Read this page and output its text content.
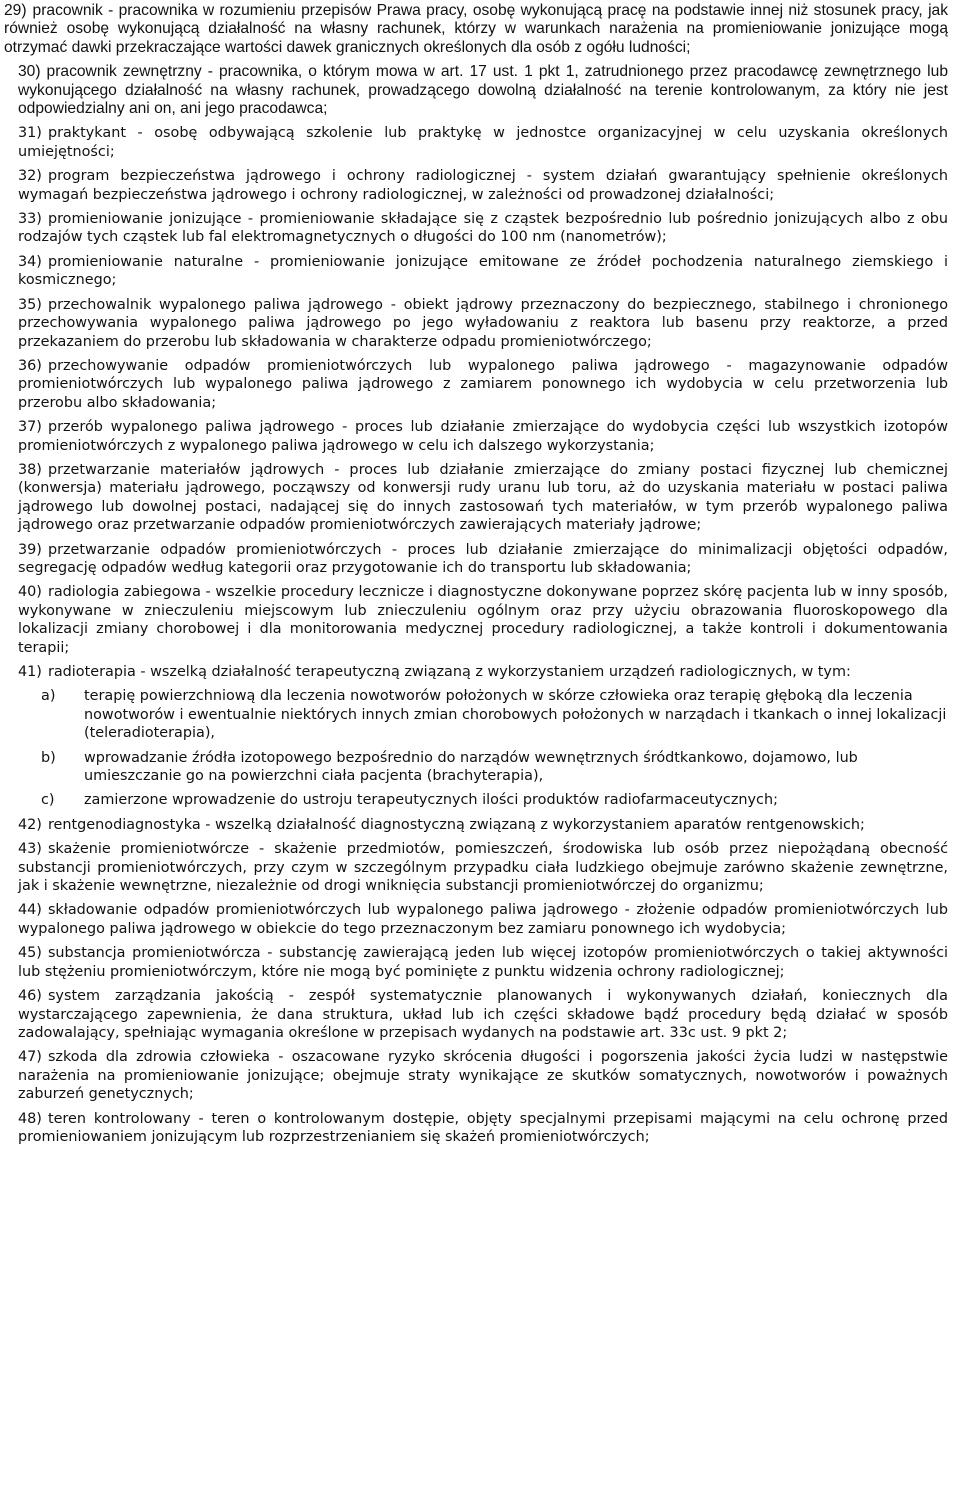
29) pracownik - pracownika w rozumieniu przepisów Prawa pracy, osobę wykonującą pracę na podstawie innej niż stosunek pracy, jak również osobę wykonującą działalność na własny rachunek, którzy w warunkach narażenia na promieniowanie jonizujące mogą otrzymać dawki przekraczające wartości dawek granicznych określonych dla osób z ogółu ludności;

30) pracownik zewnętrzny - pracownika, o którym mowa w art. 17 ust. 1 pkt 1, zatrudnionego przez pracodawcę zewnętrznego lub wykonującego działalność na własny rachunek, prowadzącego dowolną działalność na terenie kontrolowanym, za który nie jest odpowiedzialny ani on, ani jego pracodawca;

31) praktykant - osobę odbywającą szkolenie lub praktykę w jednostce organizacyjnej w celu uzyskania określonych umiejętności;

32) program bezpieczeństwa jądrowego i ochrony radiologicznej - system działań gwarantujący spełnienie określonych wymagań bezpieczeństwa jądrowego i ochrony radiologicznej, w zależności od prowadzonej działalności;

33) promieniowanie jonizujące - promieniowanie składające się z cząstek bezpośrednio lub pośrednio jonizujących albo z obu rodzajów tych cząstek lub fal elektromagnetycznych o długości do 100 nm (nanometrów);

34) promieniowanie naturalne - promieniowanie jonizujące emitowane ze źródeł pochodzenia naturalnego ziemskiego i kosmicznego;

35) przechowalnik wypalonego paliwa jądrowego - obiekt jądrowy przeznaczony do bezpiecznego, stabilnego i chronionego przechowywania wypalonego paliwa jądrowego po jego wyładowaniu z reaktora lub basenu przy reaktorze, a przed przekazaniem do przerobu lub składowania w charakterze odpadu promieniotwórczego;

36) przechowywanie odpadów promieniotwórczych lub wypalonego paliwa jądrowego - magazynowanie odpadów promieniotwórczych lub wypalonego paliwa jądrowego z zamiarem ponownego ich wydobycia w celu przetworzenia lub przerobu albo składowania;

37) przerób wypalonego paliwa jądrowego - proces lub działanie zmierzające do wydobycia części lub wszystkich izotopów promieniotwórczych z wypalonego paliwa jądrowego w celu ich dalszego wykorzystania;

38) przetwarzanie materiałów jądrowych - proces lub działanie zmierzające do zmiany postaci fizycznej lub chemicznej (konwersja) materiału jądrowego, począwszy od konwersji rudy uranu lub toru, aż do uzyskania materiału w postaci paliwa jądrowego lub dowolnej postaci, nadającej się do innych zastosowań tych materiałów, w tym przerób wypalonego paliwa jądrowego oraz przetwarzanie odpadów promieniotwórczych zawierających materiały jądrowe;

39) przetwarzanie odpadów promieniotwórczych - proces lub działanie zmierzające do minimalizacji objętości odpadów, segregację odpadów według kategorii oraz przygotowanie ich do transportu lub składowania;

40) radiologia zabiegowa - wszelkie procedury lecznicze i diagnostyczne dokonywane poprzez skórę pacjenta lub w inny sposób, wykonywane w znieczuleniu miejscowym lub znieczuleniu ogólnym oraz przy użyciu obrazowania fluoroskopowego dla lokalizacji zmiany chorobowej i dla monitorowania medycznej procedury radiologicznej, a także kontroli i dokumentowania terapii;

41) radioterapia - wszelką działalność terapeutyczną związaną z wykorzystaniem urządzeń radiologicznych, w tym:

a) terapię powierzchniową dla leczenia nowotworów położonych w skórze człowieka oraz terapię głęboką dla leczenia nowotworów i ewentualnie niektórych innych zmian chorobowych położonych w narządach i tkankach o innej lokalizacji (teleradioterapia),

b) wprowadzanie źródła izotopowego bezpośrednio do narządów wewnętrznych śródtkankowo, dojamowo, lub umieszczanie go na powierzchni ciała pacjenta (brachyterapia),

c) zamierzone wprowadzenie do ustroju terapeutycznych ilości produktów radiofarmaceutycznych;

42) rentgenodiagnostyka - wszelką działalność diagnostyczną związaną z wykorzystaniem aparatów rentgenowskich;

43) skażenie promieniotwórcze - skażenie przedmiotów, pomieszczeń, środowiska lub osób przez niepożądaną obecność substancji promieniotwórczych, przy czym w szczególnym przypadku ciała ludzkiego obejmuje zarówno skażenie zewnętrzne, jak i skażenie wewnętrzne, niezależnie od drogi wniknięcia substancji promieniotwórczej do organizmu;

44) składowanie odpadów promieniotwórczych lub wypalonego paliwa jądrowego - złożenie odpadów promieniotwórczych lub wypalonego paliwa jądrowego w obiekcie do tego przeznaczonym bez zamiaru ponownego ich wydobycia;

45) substancja promieniotwórcza - substancję zawierającą jeden lub więcej izotopów promieniotwórczych o takiej aktywności lub stężeniu promieniotwórczym, które nie mogą być pominięte z punktu widzenia ochrony radiologicznej;

46) system zarządzania jakością - zespół systematycznie planowanych i wykonywanych działań, koniecznych dla wystarczającego zapewnienia, że dana struktura, układ lub ich części składowe bądź procedury będą działać w sposób zadowalający, spełniając wymagania określone w przepisach wydanych na podstawie art. 33c ust. 9 pkt 2;

47) szkoda dla zdrowia człowieka - oszacowane ryzyko skrócenia długości i pogorszenia jakości życia ludzi w następstwie narażenia na promieniowanie jonizujące; obejmuje straty wynikające ze skutków somatycznych, nowotworów i poważnych zaburzeń genetycznych;

48) teren kontrolowany - teren o kontrolowanym dostępie, objęty specjalnymi przepisami mającymi na celu ochronę przed promieniowaniem jonizującym lub rozprzestrzenianiem się skażeń promieniotwórczych;
